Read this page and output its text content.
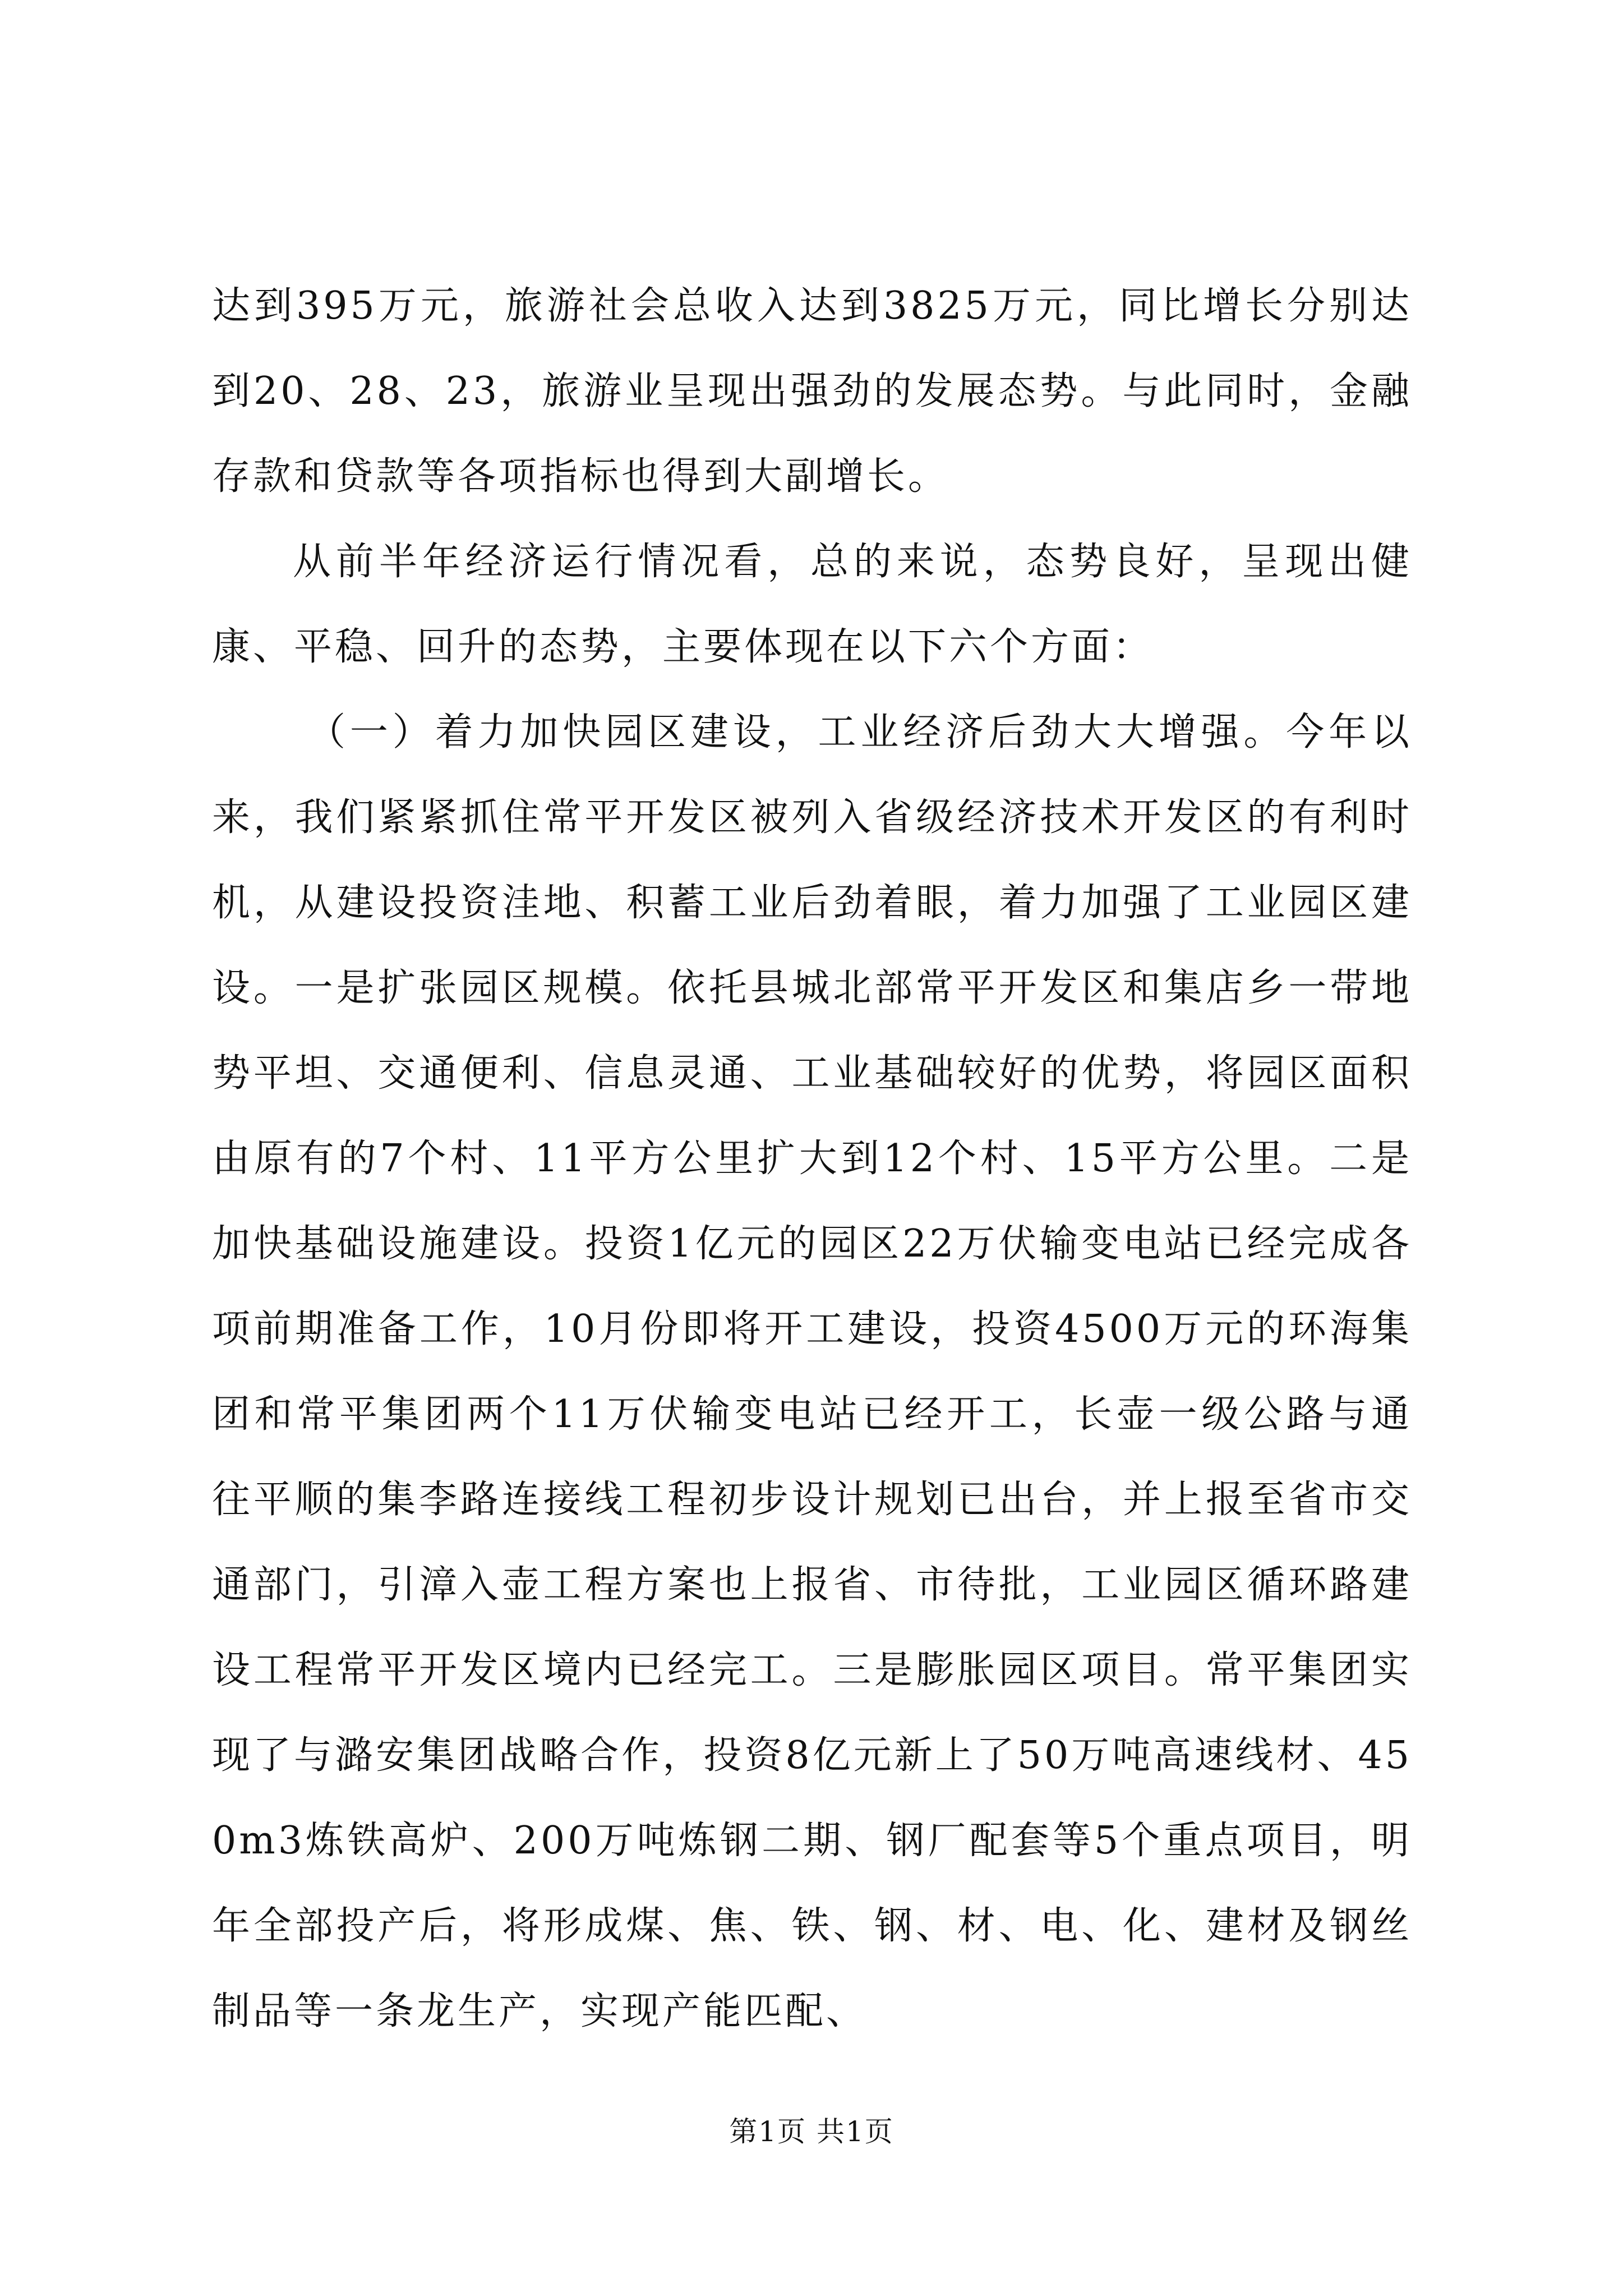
达到395万元，旅游社会总收入达到3825万元，同比增长分别达到20、28、23，旅游业呈现出强劲的发展态势。与此同时，金融存款和贷款等各项指标也得到大副增长。

从前半年经济运行情况看，总的来说，态势良好，呈现出健康、平稳、回升的态势，主要体现在以下六个方面：

（一）着力加快园区建设，工业经济后劲大大增强。今年以来，我们紧紧抓住常平开发区被列入省级经济技术开发区的有利时机，从建设投资洼地、积蓄工业后劲着眼，着力加强了工业园区建设。一是扩张园区规模。依托县城北部常平开发区和集店乡一带地势平坦、交通便利、信息灵通、工业基础较好的优势，将园区面积由原有的7个村、11平方公里扩大到12个村、15平方公里。二是加快基础设施建设。投资1亿元的园区22万伏输变电站已经完成各项前期准备工作，10月份即将开工建设，投资4500万元的环海集团和常平集团两个11万伏输变电站已经开工，长壶一级公路与通往平顺的集李路连接线工程初步设计规划已出台，并上报至省市交通部门，引漳入壶工程方案也上报省、市待批，工业园区循环路建设工程常平开发区境内已经完工。三是膨胀园区项目。常平集团实现了与潞安集团战略合作，投资8亿元新上了50万吨高速线材、450m3炼铁高炉、200万吨炼钢二期、钢厂配套等5个重点项目，明年全部投产后，将形成煤、焦、铁、钢、材、电、化、建材及钢丝制品等一条龙生产，实现产能匹配、

第1页 共1页
